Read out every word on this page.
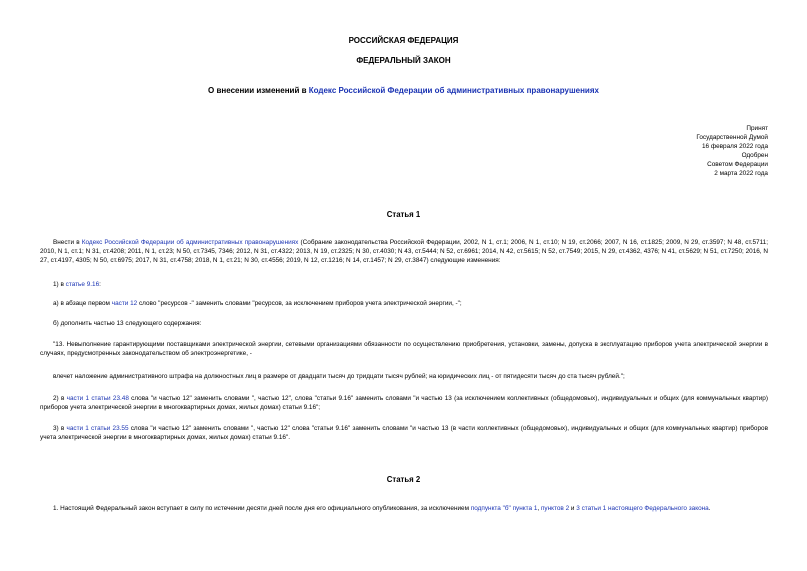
РОССИЙСКАЯ ФЕДЕРАЦИЯ
ФЕДЕРАЛЬНЫЙ ЗАКОН
О внесении изменений в Кодекс Российской Федерации об административных правонарушениях
Принят
Государственной Думой
16 февраля 2022 года
Одобрен
Советом Федерации
2 марта 2022 года
Статья 1
Внести в Кодекс Российской Федерации об административных правонарушениях (Собрание законодательства Российской Федерации, 2002, N 1, ст.1; 2006, N 1, ст.10; N 19, ст.2066; 2007, N 16, ст.1825; 2009, N 29, ст.3597; N 48, ст.5711; 2010, N 1, ст.1; N 31, ст.4208; 2011, N 1, ст.23; N 50, ст.7345, 7346; 2012, N 31, ст.4322; 2013, N 19, ст.2325; N 30, ст.4030; N 43, ст.5444; N 52, ст.6961; 2014, N 42, ст.5615; N 52, ст.7549; 2015, N 29, ст.4362, 4376; N 41, ст.5629; N 51, ст.7250; 2016, N 27, ст.4197, 4305; N 50, ст.6975; 2017, N 31, ст.4758; 2018, N 1, ст.21; N 30, ст.4556; 2019, N 12, ст.1216; N 14, ст.1457; N 29, ст.3847) следующие изменения:
1) в статье 9.16:
а) в абзаце первом части 12 слово "ресурсов -" заменить словами "ресурсов, за исключением приборов учета электрической энергии, -";
б) дополнить частью 13 следующего содержания:
"13. Невыполнение гарантирующими поставщиками электрической энергии, сетевыми организациями обязанности по осуществлению приобретения, установки, замены, допуска в эксплуатацию приборов учета электрической энергии в случаях, предусмотренных законодательством об электроэнергетике, -
влечет наложение административного штрафа на должностных лиц в размере от двадцати тысяч до тридцати тысяч рублей; на юридических лиц - от пятидесяти тысяч до ста тысяч рублей.";
2) в части 1 статьи 23.48 слова "и частью 12" заменить словами ", частью 12", слова "статьи 9.16" заменить словами "и частью 13 (за исключением коллективных (общедомовых), индивидуальных и общих (для коммунальных квартир) приборов учета электрической энергии в многоквартирных домах, жилых домах) статьи 9.16";
3) в части 1 статьи 23.55 слова "и частью 12" заменить словами ", частью 12" слова "статьи 9.16" заменить словами "и частью 13 (в части коллективных (общедомовых), индивидуальных и общих (для коммунальных квартир) приборов учета электрической энергии в многоквартирных домах, жилых домах) статьи 9.16".
Статья 2
1. Настоящий Федеральный закон вступает в силу по истечении десяти дней после дня его официального опубликования, за исключением подпункта "б" пункта 1, пунктов 2 и 3 статьи 1 настоящего Федерального закона.
